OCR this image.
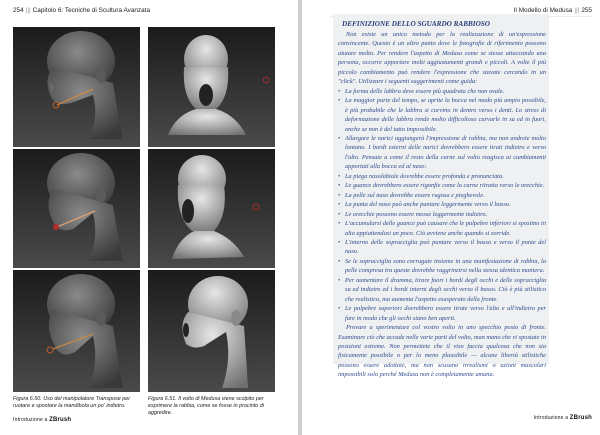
254 ||| Capitolo 6: Tecniche di Scultura Avanzata
Figura 6.50. Uso del manipolatore Transpose per ruotare e spostare la mandibola un po' indietro.
Figura 6.51. Il volto di Medusa viene scolpito per esprimere la rabbia, come se fosse in procinto di aggredire.
Introduzione a ZBrush
Il Modello di Medusa ||| 255
DEFINIZIONE DELLO SGUARDO RABBIOSO

Non esiste un unico metodo per la realizzazione di un'espressione convincente. Questo è un altro punto dove le fotografie di riferimento possono aiutare molto. Per rendere l'aspetto di Medusa come se stesse attaccando una persona, occorre apportare molti aggiustamenti grandi e piccoli. A volte il più piccolo cambiamento può rendere l'espressione che stavate cercando in un "click". Utilizzare i seguenti suggerimenti come guida:

• La forma delle labbra deve essere più quadrata che non ovale.
• La maggior parte del tempo, se aprite la bocca nel modo più ampio possibile, è più probabile che le labbra si curvino in dentro verso i denti. Lo stress di deformazione delle labbra rende molto difficoltoso curvarle in su ed in fuori, anche se non è del tutto impossibile.
• Allargare le narici aggiungerà l'impressione di rabbia, ma non andrete molto lontano. I bordi esterni delle narici dovrebbero essere tirati indietro e verso l'alto. Pensate a come il resto della carne sul volto reagisca ai cambiamenti apportati alla bocca ed al naso:
• La piega nasolabiale dovrebbe essere profonda e pronunciata.
• Le guance dovrebbero essere rigonfie come la carne ritratta verso le orecchie.
• La pelle sul naso dovrebbe essere rugosa e pieghevole.
• La punta del naso può anche puntare leggermente verso il basso.
• Le orecchie possono essere mosse leggermente indietro.
• L'accumularsi delle guance può causare che le palpebre inferiori si spostino in alto appiattendosi un poco. Ciò avviene anche quando si sorride.
• L'interno delle sopracciglia può puntare verso il basso e verso il ponte del naso.
• Se le sopracciglia sono corrugate insieme in una manifestazione di rabbia, la pelle compresa tra queste dovrebbe raggrinzirsi nella stessa identica maniera.
• Per aumentare il dramma, tirare fuori i bordi degli occhi e delle sopracciglia su ed indietro ed i bordi interni degli occhi verso il basso. Ciò è più stilistico che realistico, ma aumenta l'aspetto esasperato della fronte.
• Le palpebre superiori dovrebbero essere tirate verso l'alto e all'indietro per fare in modo che gli occhi siano ben aperti.

Provare a sperimentare col vostro volto in uno specchio posto di fronte. Esaminare ciò che accade nelle varie parti del volto, man mano che vi spostate in posizioni estreme. Non permettete che il viso faccia qualcosa che non sia fisicamente possibile o per lo meno plausibile — alcune libertà stilistiche possono essere adottate, ma non scusano irrealismi o azioni muscolari impossibili solo perché Medusa non è completamente umana.

Introduzione a ZBrush
